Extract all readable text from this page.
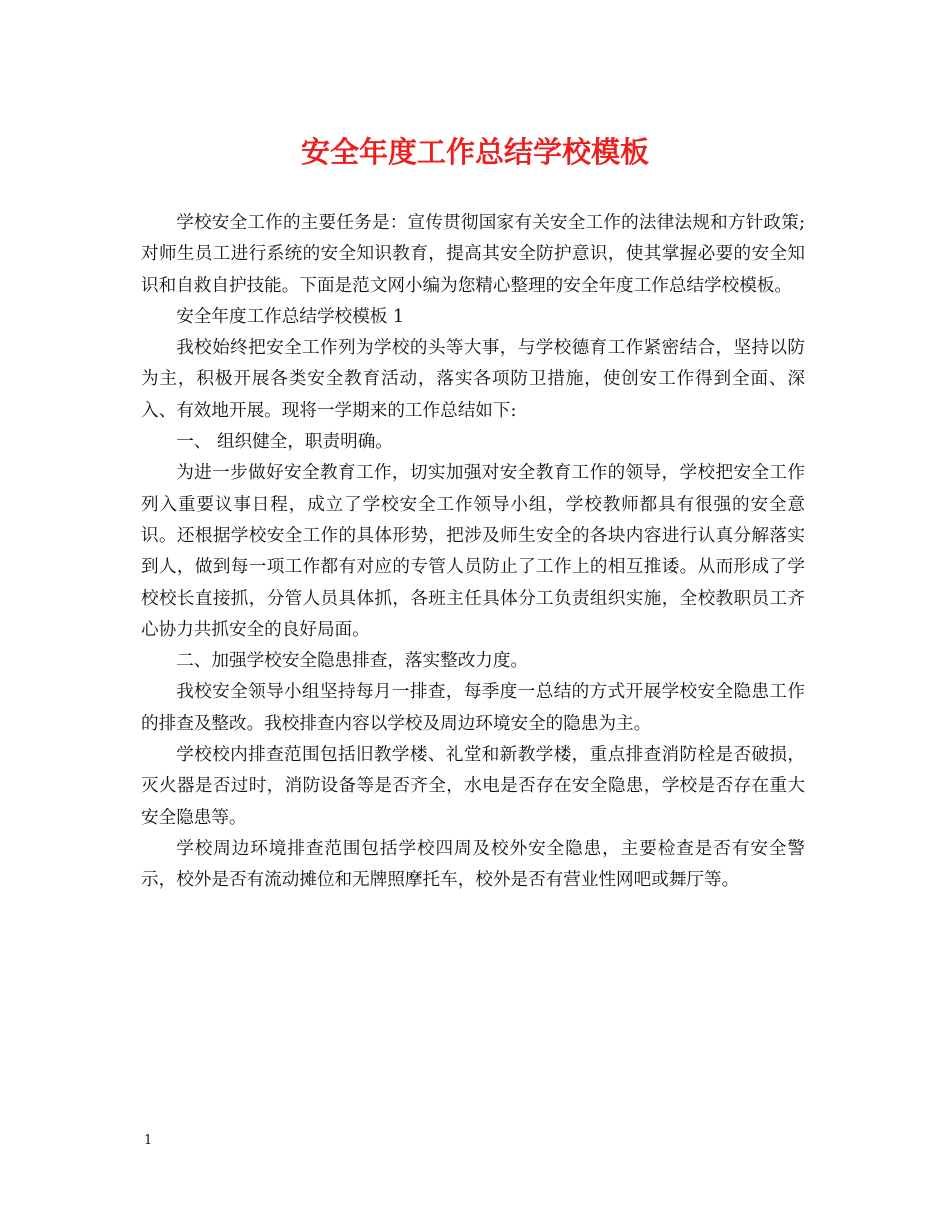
安全年度工作总结学校模板

学校安全工作的主要任务是：宣传贯彻国家有关安全工作的法律法规和方针政策;对师生员工进行系统的安全知识教育，提高其安全防护意识，使其掌握必要的安全知识和自救自护技能。下面是范文网小编为您精心整理的安全年度工作总结学校模板。

安全年度工作总结学校模板 1

我校始终把安全工作列为学校的头等大事，与学校德育工作紧密结合，坚持以防为主，积极开展各类安全教育活动，落实各项防卫措施，使创安工作得到全面、深入、有效地开展。现将一学期来的工作总结如下:

一、 组织健全，职责明确。

为进一步做好安全教育工作，切实加强对安全教育工作的领导，学校把安全工作列入重要议事日程，成立了学校安全工作领导小组，学校教师都具有很强的安全意识。还根据学校安全工作的具体形势，把涉及师生安全的各块内容进行认真分解落实到人，做到每一项工作都有对应的专管人员防止了工作上的相互推诿。从而形成了学校校长直接抓，分管人员具体抓，各班主任具体分工负责组织实施，全校教职员工齐心协力共抓安全的良好局面。

二、加强学校安全隐患排查，落实整改力度。

我校安全领导小组坚持每月一排查，每季度一总结的方式开展学校安全隐患工作的排查及整改。我校排查内容以学校及周边环境安全的隐患为主。

学校校内排查范围包括旧教学楼、礼堂和新教学楼，重点排查消防栓是否破损，灭火器是否过时，消防设备等是否齐全，水电是否存在安全隐患，学校是否存在重大安全隐患等。

学校周边环境排查范围包括学校四周及校外安全隐患，主要检查是否有安全警示，校外是否有流动摊位和无牌照摩托车，校外是否有营业性网吧或舞厅等。

1
